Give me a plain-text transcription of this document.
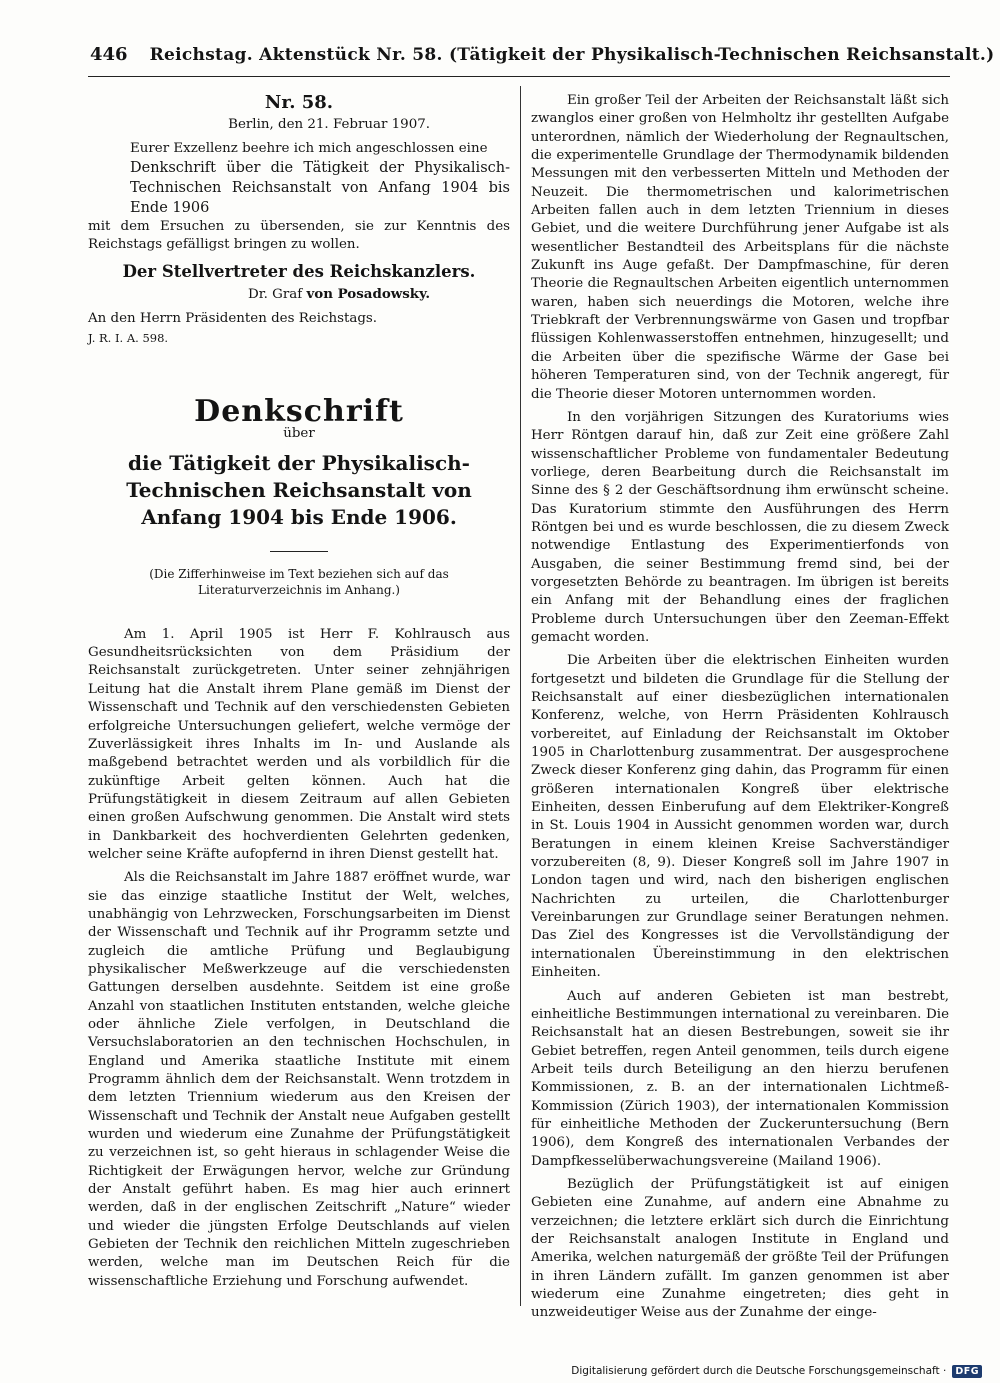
446 Reichstag. Aktenstück Nr. 58. (Tätigkeit der Physikalisch-Technischen Reichsanstalt.)
Nr. 58.

Berlin, den 21. Februar 1907.

Eurer Exzellenz beehre ich mich angeschlossen eine

Denkschrift über die Tätigkeit der Physikalisch-Technischen Reichsanstalt von Anfang 1904 bis Ende 1906

mit dem Ersuchen zu übersenden, sie zur Kenntnis des Reichstags gefälligst bringen zu wollen.

Der Stellvertreter des Reichskanzlers.
Dr. Graf von Posadowsky.

An den Herrn Präsidenten des Reichstags.

J. R. I. A. 598.

Denkschrift
über
die Tätigkeit der Physikalisch-Technischen Reichsanstalt von Anfang 1904 bis Ende 1906.
(Die Zifferhinweise im Text beziehen sich auf das Literaturverzeichnis im Anhang.)

Am 1. April 1905 ist Herr F. Kohlrausch aus Gesundheitsrücksichten von dem Präsidium der Reichsanstalt zurückgetreten. Unter seiner zehnjährigen Leitung hat die Anstalt ihrem Plane gemäß im Dienst der Wissenschaft und Technik auf den verschiedensten Gebieten erfolgreiche Untersuchungen geliefert, welche vermöge der Zuverlässigkeit ihres Inhalts im In- und Auslande als maßgebend betrachtet werden und als vorbildlich für die zukünftige Arbeit gelten können. Auch hat die Prüfungstätigkeit in diesem Zeitraum auf allen Gebieten einen großen Aufschwung genommen. Die Anstalt wird stets in Dankbarkeit des hochverdienten Gelehrten gedenken, welcher seine Kräfte aufopfernd in ihren Dienst gestellt hat.

Als die Reichsanstalt im Jahre 1887 eröffnet wurde, war sie das einzige staatliche Institut der Welt, welches, unabhängig von Lehrzwecken, Forschungsarbeiten im Dienst der Wissenschaft und Technik auf ihr Programm setzte und zugleich die amtliche Prüfung und Beglaubigung physikalischer Meßwerkzeuge auf die verschiedensten Gattungen derselben ausdehnte. Seitdem ist eine große Anzahl von staatlichen Instituten entstanden, welche gleiche oder ähnliche Ziele verfolgen, in Deutschland die Versuchslaboratorien an den technischen Hochschulen, in England und Amerika staatliche Institute mit einem Programm ähnlich dem der Reichsanstalt. Wenn trotzdem in dem letzten Triennium wiederum aus den Kreisen der Wissenschaft und Technik der Anstalt neue Aufgaben gestellt wurden und wiederum eine Zunahme der Prüfungstätigkeit zu verzeichnen ist, so geht hieraus in schlagender Weise die Richtigkeit der Erwägungen hervor, welche zur Gründung der Anstalt geführt haben. Es mag hier auch erinnert werden, daß in der englischen Zeitschrift „Nature“ wieder und wieder die jüngsten Erfolge Deutschlands auf vielen Gebieten der Technik den reichlichen Mitteln zugeschrieben werden, welche man im Deutschen Reich für die wissenschaftliche Erziehung und Forschung aufwendet.

Ein großer Teil der Arbeiten der Reichsanstalt läßt sich zwanglos einer großen von Helmholtz ihr gestellten Aufgabe unterordnen, nämlich der Wiederholung der Regnaultschen, die experimentelle Grundlage der Thermodynamik bildenden Messungen mit den verbesserten Mitteln und Methoden der Neuzeit. Die thermometrischen und kalorimetrischen Arbeiten fallen auch in dem letzten Triennium in dieses Gebiet, und die weitere Durchführung jener Aufgabe ist als wesentlicher Bestandteil des Arbeitsplans für die nächste Zukunft ins Auge gefaßt. Der Dampfmaschine, für deren Theorie die Regnaultschen Arbeiten eigentlich unternommen waren, haben sich neuerdings die Motoren, welche ihre Triebkraft der Verbrennungswärme von Gasen und tropfbar flüssigen Kohlenwasserstoffen entnehmen, hinzugesellt; und die Arbeiten über die spezifische Wärme der Gase bei höheren Temperaturen sind, von der Technik angeregt, für die Theorie dieser Motoren unternommen worden.

In den vorjährigen Sitzungen des Kuratoriums wies Herr Röntgen darauf hin, daß zur Zeit eine größere Zahl wissenschaftlicher Probleme von fundamentaler Bedeutung vorliege, deren Bearbeitung durch die Reichsanstalt im Sinne des § 2 der Geschäftsordnung ihm erwünscht scheine. Das Kuratorium stimmte den Ausführungen des Herrn Röntgen bei und es wurde beschlossen, die zu diesem Zweck notwendige Entlastung des Experimentierfonds von Ausgaben, die seiner Bestimmung fremd sind, bei der vorgesetzten Behörde zu beantragen. Im übrigen ist bereits ein Anfang mit der Behandlung eines der fraglichen Probleme durch Untersuchungen über den Zeeman-Effekt gemacht worden.

Die Arbeiten über die elektrischen Einheiten wurden fortgesetzt und bildeten die Grundlage für die Stellung der Reichsanstalt auf einer diesbezüglichen internationalen Konferenz, welche, von Herrn Präsidenten Kohlrausch vorbereitet, auf Einladung der Reichsanstalt im Oktober 1905 in Charlottenburg zusammentrat. Der ausgesprochene Zweck dieser Konferenz ging dahin, das Programm für einen größeren internationalen Kongreß über elektrische Einheiten, dessen Einberufung auf dem Elektriker-Kongreß in St. Louis 1904 in Aussicht genommen worden war, durch Beratungen in einem kleinen Kreise Sachverständiger vorzubereiten (8, 9). Dieser Kongreß soll im Jahre 1907 in London tagen und wird, nach den bisherigen englischen Nachrichten zu urteilen, die Charlottenburger Vereinbarungen zur Grundlage seiner Beratungen nehmen. Das Ziel des Kongresses ist die Vervollständigung der internationalen Übereinstimmung in den elektrischen Einheiten.

Auch auf anderen Gebieten ist man bestrebt, einheitliche Bestimmungen international zu vereinbaren. Die Reichsanstalt hat an diesen Bestrebungen, soweit sie ihr Gebiet betreffen, regen Anteil genommen, teils durch eigene Arbeit teils durch Beteiligung an den hierzu berufenen Kommissionen, z. B. an der internationalen Lichtmeß-Kommission (Zürich 1903), der internationalen Kommission für einheitliche Methoden der Zuckeruntersuchung (Bern 1906), dem Kongreß des internationalen Verbandes der Dampfkesselüberwachungsvereine (Mailand 1906).

Bezüglich der Prüfungstätigkeit ist auf einigen Gebieten eine Zunahme, auf andern eine Abnahme zu verzeichnen; die letztere erklärt sich durch die Einrichtung der Reichsanstalt analogen Institute in England und Amerika, welchen naturgemäß der größte Teil der Prüfungen in ihren Ländern zufällt. Im ganzen genommen ist aber wiederum eine Zunahme eingetreten; dies geht in unzweideutiger Weise aus der Zunahme der einge-

Digitalisierung gefördert durch die Deutsche Forschungsgemeinschaft · DFG
